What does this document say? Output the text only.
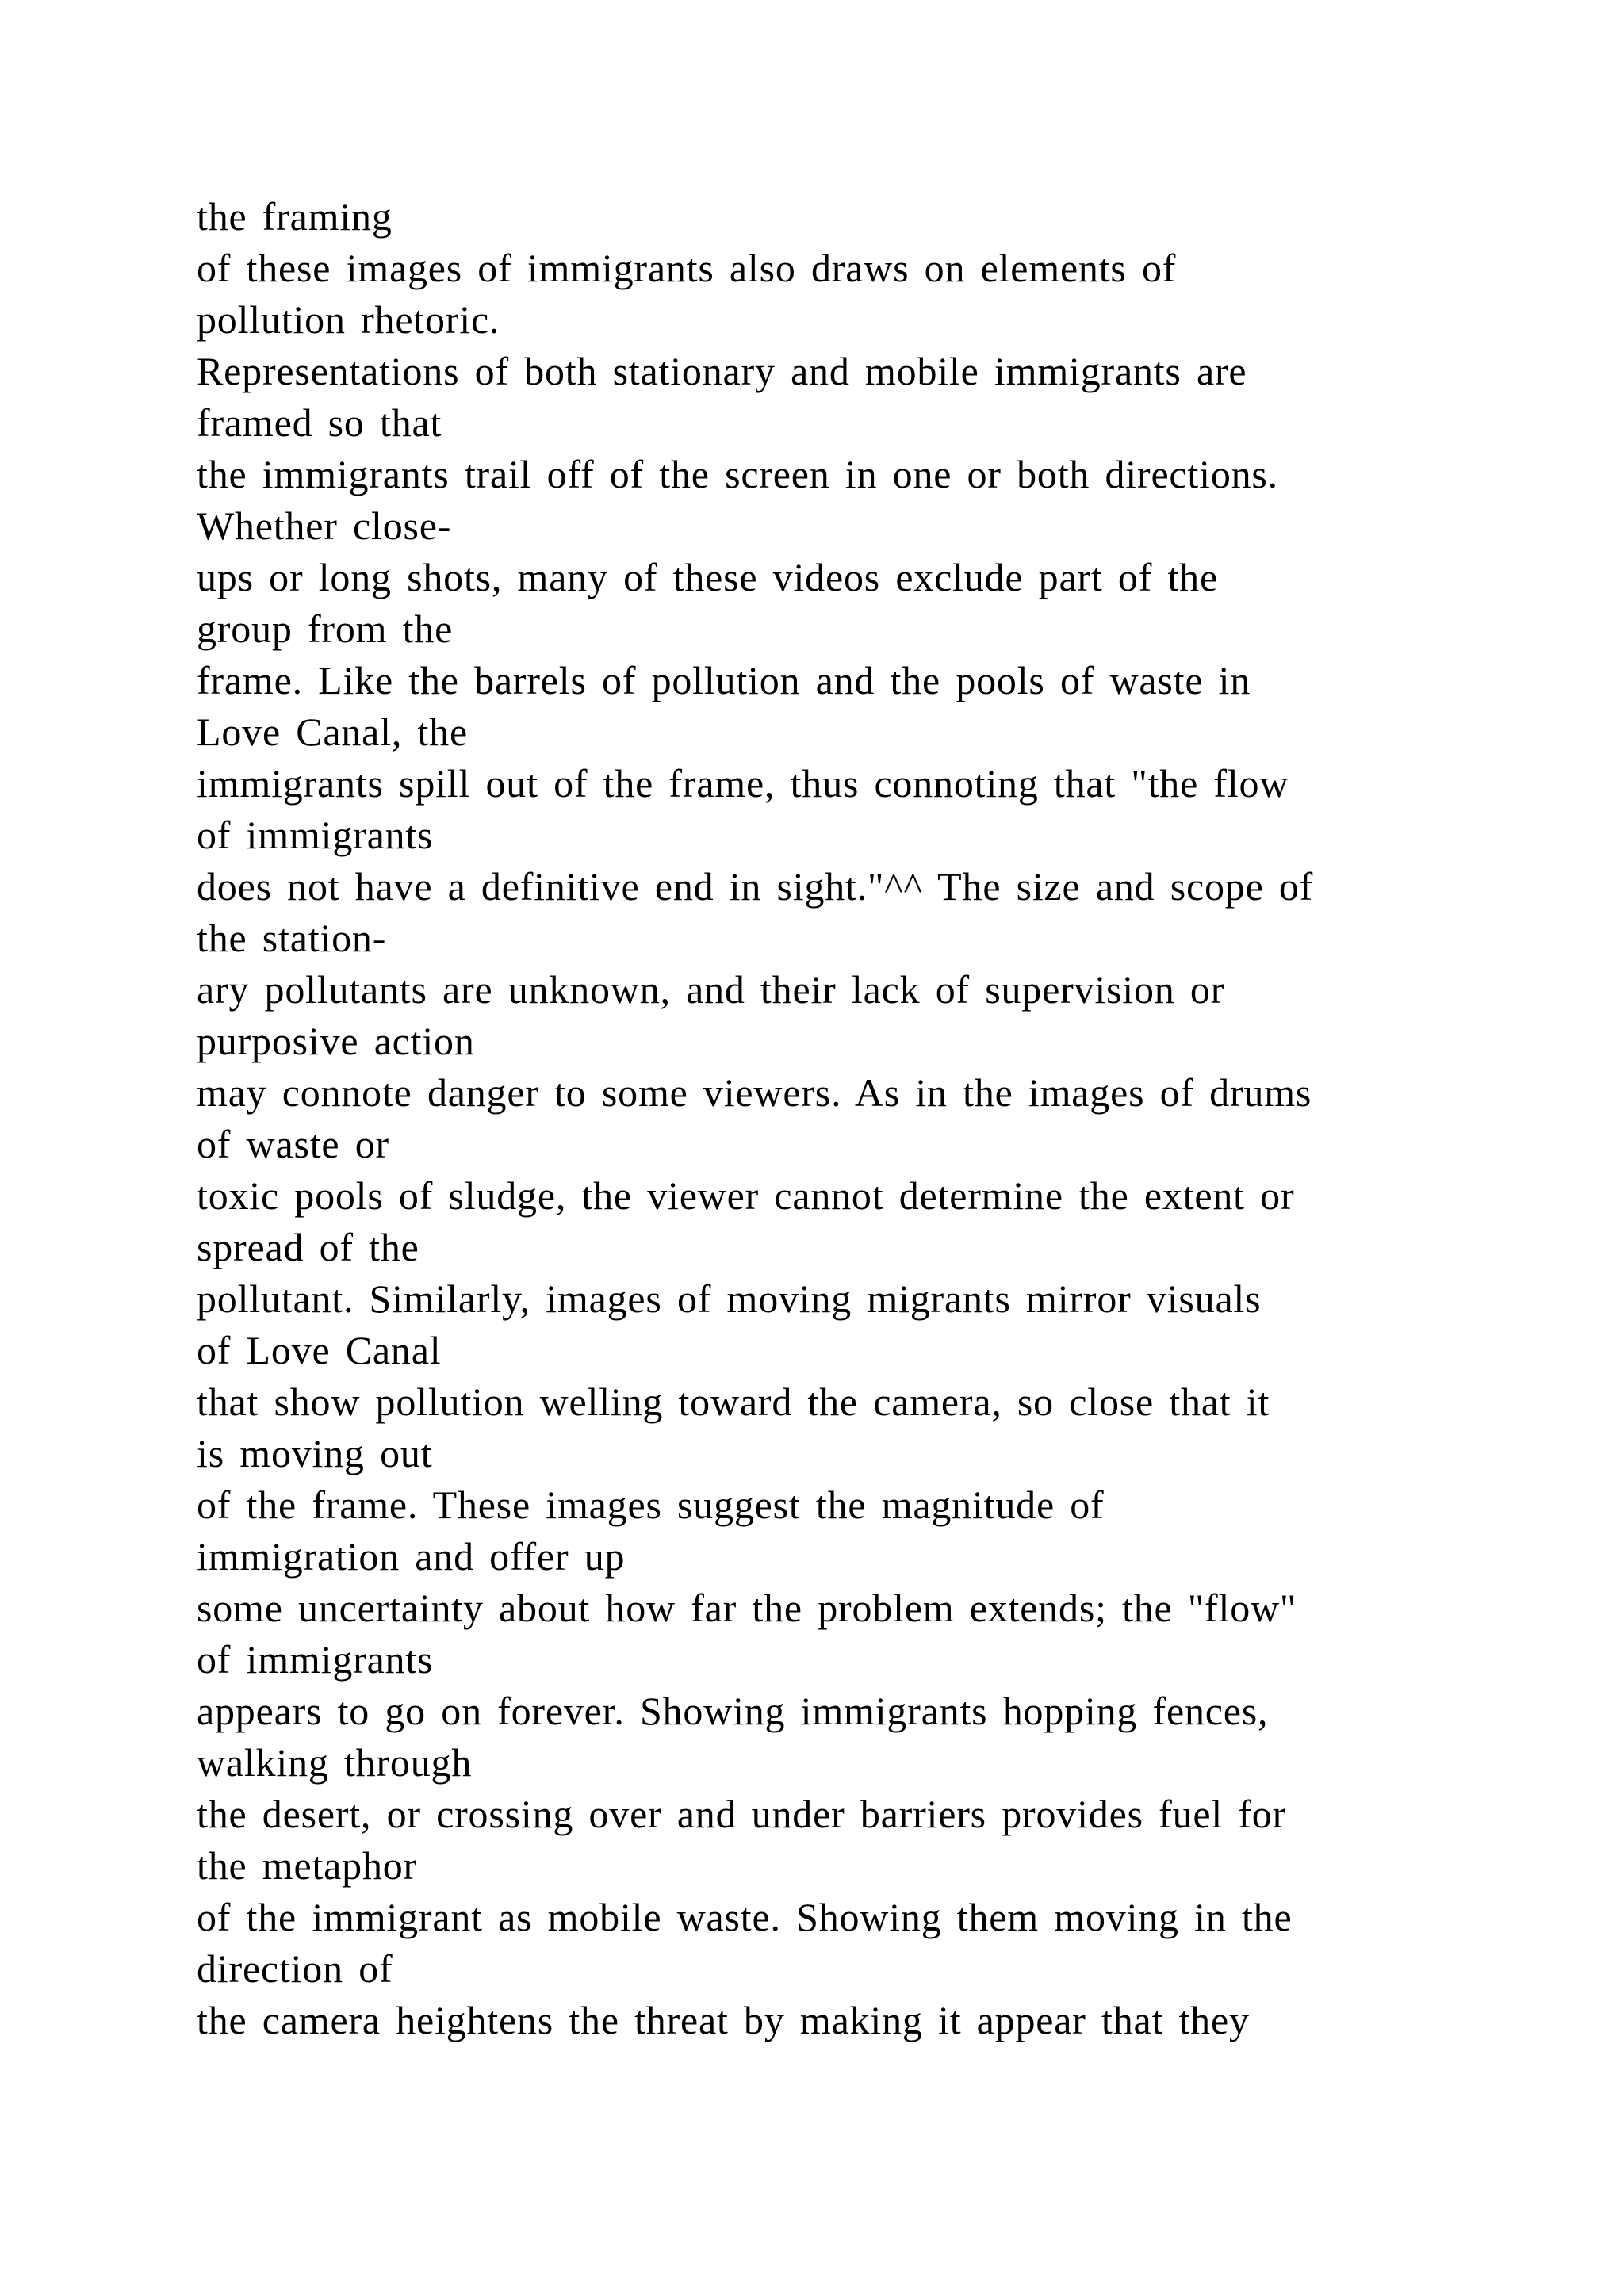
the framing
of these images of immigrants also draws on elements of
pollution rhetoric.
Representations of both stationary and mobile immigrants are
framed so that
the immigrants trail off of the screen in one or both directions.
Whether close-
ups or long shots, many of these videos exclude part of the
group from the
frame. Like the barrels of pollution and the pools of waste in
Love Canal, the
immigrants spill out of the frame, thus connoting that "the flow
of immigrants
does not have a definitive end in sight."^^ The size and scope of
the station-
ary pollutants are unknown, and their lack of supervision or
purposive action
may connote danger to some viewers. As in the images of drums
of waste or
toxic pools of sludge, the viewer cannot determine the extent or
spread of the
pollutant. Similarly, images of moving migrants mirror visuals
of Love Canal
that show pollution welling toward the camera, so close that it
is moving out
of the frame. These images suggest the magnitude of
immigration and offer up
some uncertainty about how far the problem extends; the "flow"
of immigrants
appears to go on forever. Showing immigrants hopping fences,
walking through
the desert, or crossing over and under barriers provides fuel for
the metaphor
of the immigrant as mobile waste. Showing them moving in the
direction of
the camera heightens the threat by making it appear that they
